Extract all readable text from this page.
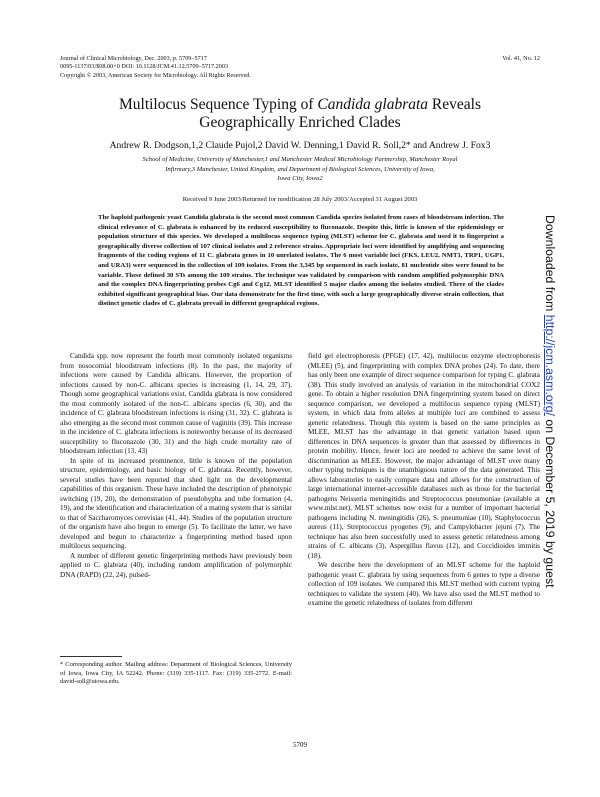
Journal of Clinical Microbiology, Dec. 2003, p. 5709–5717
0095-1137/03/$08.00+0 DOI: 10.1128/JCM.41.12.5709–5717.2003
Copyright © 2003, American Society for Microbiology. All Rights Reserved.
Vol. 41, No. 12
Multilocus Sequence Typing of Candida glabrata Reveals
Geographically Enriched Clades
Andrew R. Dodgson,1,2 Claude Pujol,2 David W. Denning,1 David R. Soll,2* and Andrew J. Fox3
School of Medicine, University of Manchester,1 and Manchester Medical Microbiology Partnership, Manchester Royal
Infirmary,3 Manchester, United Kingdom, and Department of Biological Sciences, University of Iowa,
Iowa City, Iowa2
Received 9 June 2003/Returned for modification 28 July 2003/Accepted 31 August 2003
The haploid pathogenic yeast Candida glabrata is the second most common Candida species isolated from cases of bloodstream infection. The clinical relevance of C. glabrata is enhanced by its reduced susceptibility to fluconazole. Despite this, little is known of the epidemiology or population structure of this species. We developed a multilocus sequence typing (MLST) scheme for C. glabrata and used it to fingerprint a geographically diverse collection of 107 clinical isolates and 2 reference strains. Appropriate loci were identified by amplifying and sequencing fragments of the coding regions of 11 C. glabrata genes in 10 unrelated isolates. The 6 most variable loci (FKS, LEU2, NMT1, TRP1, UGP1, and URA3) were sequenced in the collection of 109 isolates. From the 3,345 bp sequenced in each isolate, 81 nucleotide sites were found to be variable. These defined 30 STs among the 109 strains. The technique was validated by comparison with random amplified polymorphic DNA and the complex DNA fingerprinting probes Cg6 and Cg12. MLST identified 5 major clades among the isolates studied. Three of the clades exhibited significant geographical bias. Our data demonstrate for the first time, with such a large geographically diverse strain collection, that distinct genetic clades of C. glabrata prevail in different geographical regions.

Candida spp. now represent the fourth most commonly isolated organisms from nosocomial bloodstream infections (8). In the past, the majority of infections were caused by Candida albicans. However, the proportion of infections caused by non-C. albicans species is increasing (1, 14, 29, 37). Though some geographical variations exist, Candida glabrata is now considered the most commonly isolated of the non-C. albicans species (6, 30), and the incidence of C. glabrata bloodstream infections is rising (31, 32). C. glabrata is also emerging as the second most common cause of vaginitis (39). This increase in the incidence of C. glabrata infections is noteworthy because of its decreased susceptibility to fluconazole (30, 31) and the high crude mortality rate of bloodstream infection (13, 43)

In spite of its increased prominence, little is known of the population structure, epidemiology, and basic biology of C. glabrata. Recently, however, several studies have been reported that shed light on the developmental capabilities of this organism. These have included the description of phenotypic switching (19, 20), the demonstration of pseudohypha and tube formation (4, 19), and the identification and characterization of a mating system that is similar to that of Saccharomyces cerevisiae (41, 44). Studies of the population structure of the organism have also begun to emerge (5). To facilitate the latter, we have developed and begun to characterize a fingerprinting method based upon multilocus sequencing.

A number of different genetic fingerprinting methods have previously been applied to C. glabrata (40), including random amplification of polymorphic DNA (RAPD) (22, 24), pulsed-

field gel electrophoresis (PFGE) (17, 42), multilocus enzyme electrophoresis (MLEE) (5), and fingerprinting with complex DNA probes (24). To date, there has only been one example of direct sequence comparison for typing C. glabrata (38). This study involved an analysis of variation in the mitochondrial COX2 gene. To obtain a higher resolution DNA fingerprinting system based on direct sequence comparison, we developed a multilocus sequence typing (MLST) system, in which data from alleles at multiple loci are combined to assess genetic relatedness. Though this system is based on the same principles as MLEE, MLST has the advantage in that genetic variation based upon differences in DNA sequences is greater than that assessed by differences in protein mobility. Hence, fewer loci are needed to achieve the same level of discrimination as MLEE. However, the major advantage of MLST over many other typing techniques is the unambiguous nature of the data generated. This allows laboratories to easily compare data and allows for the construction of large international internet-accessible databases such as those for the bacterial pathogens Neisseria meningitidis and Streptococcus pneumoniae (available at www.mlst.net). MLST schemes now exist for a number of important bacterial pathogens including N. meningitidis (26), S. pneumoniae (10), Staphylococcus aureus (11), Streptococcus pyogenes (9), and Campylobacter jejuni (7). The technique has also been successfully used to assess genetic relatedness among strains of C. albicans (3), Aspergillus flavus (12), and Coccidioides immitis (18).

We describe here the development of an MLST scheme for the haploid pathogenic yeast C. glabrata by using sequences from 6 genes to type a diverse collection of 109 isolates. We compared this MLST method with current typing techniques to validate the system (40). We have also used the MLST method to examine the genetic relatedness of isolates from different

* Corresponding author. Mailing address: Department of Biological Sciences, University of Iowa, Iowa City, IA 52242. Phone: (319) 335-1117. Fax: (319) 335-2772. E-mail: david-soll@uiowa.edu.
5709
Downloaded from http://jcm.asm.org/ on December 5, 2019 by guest
